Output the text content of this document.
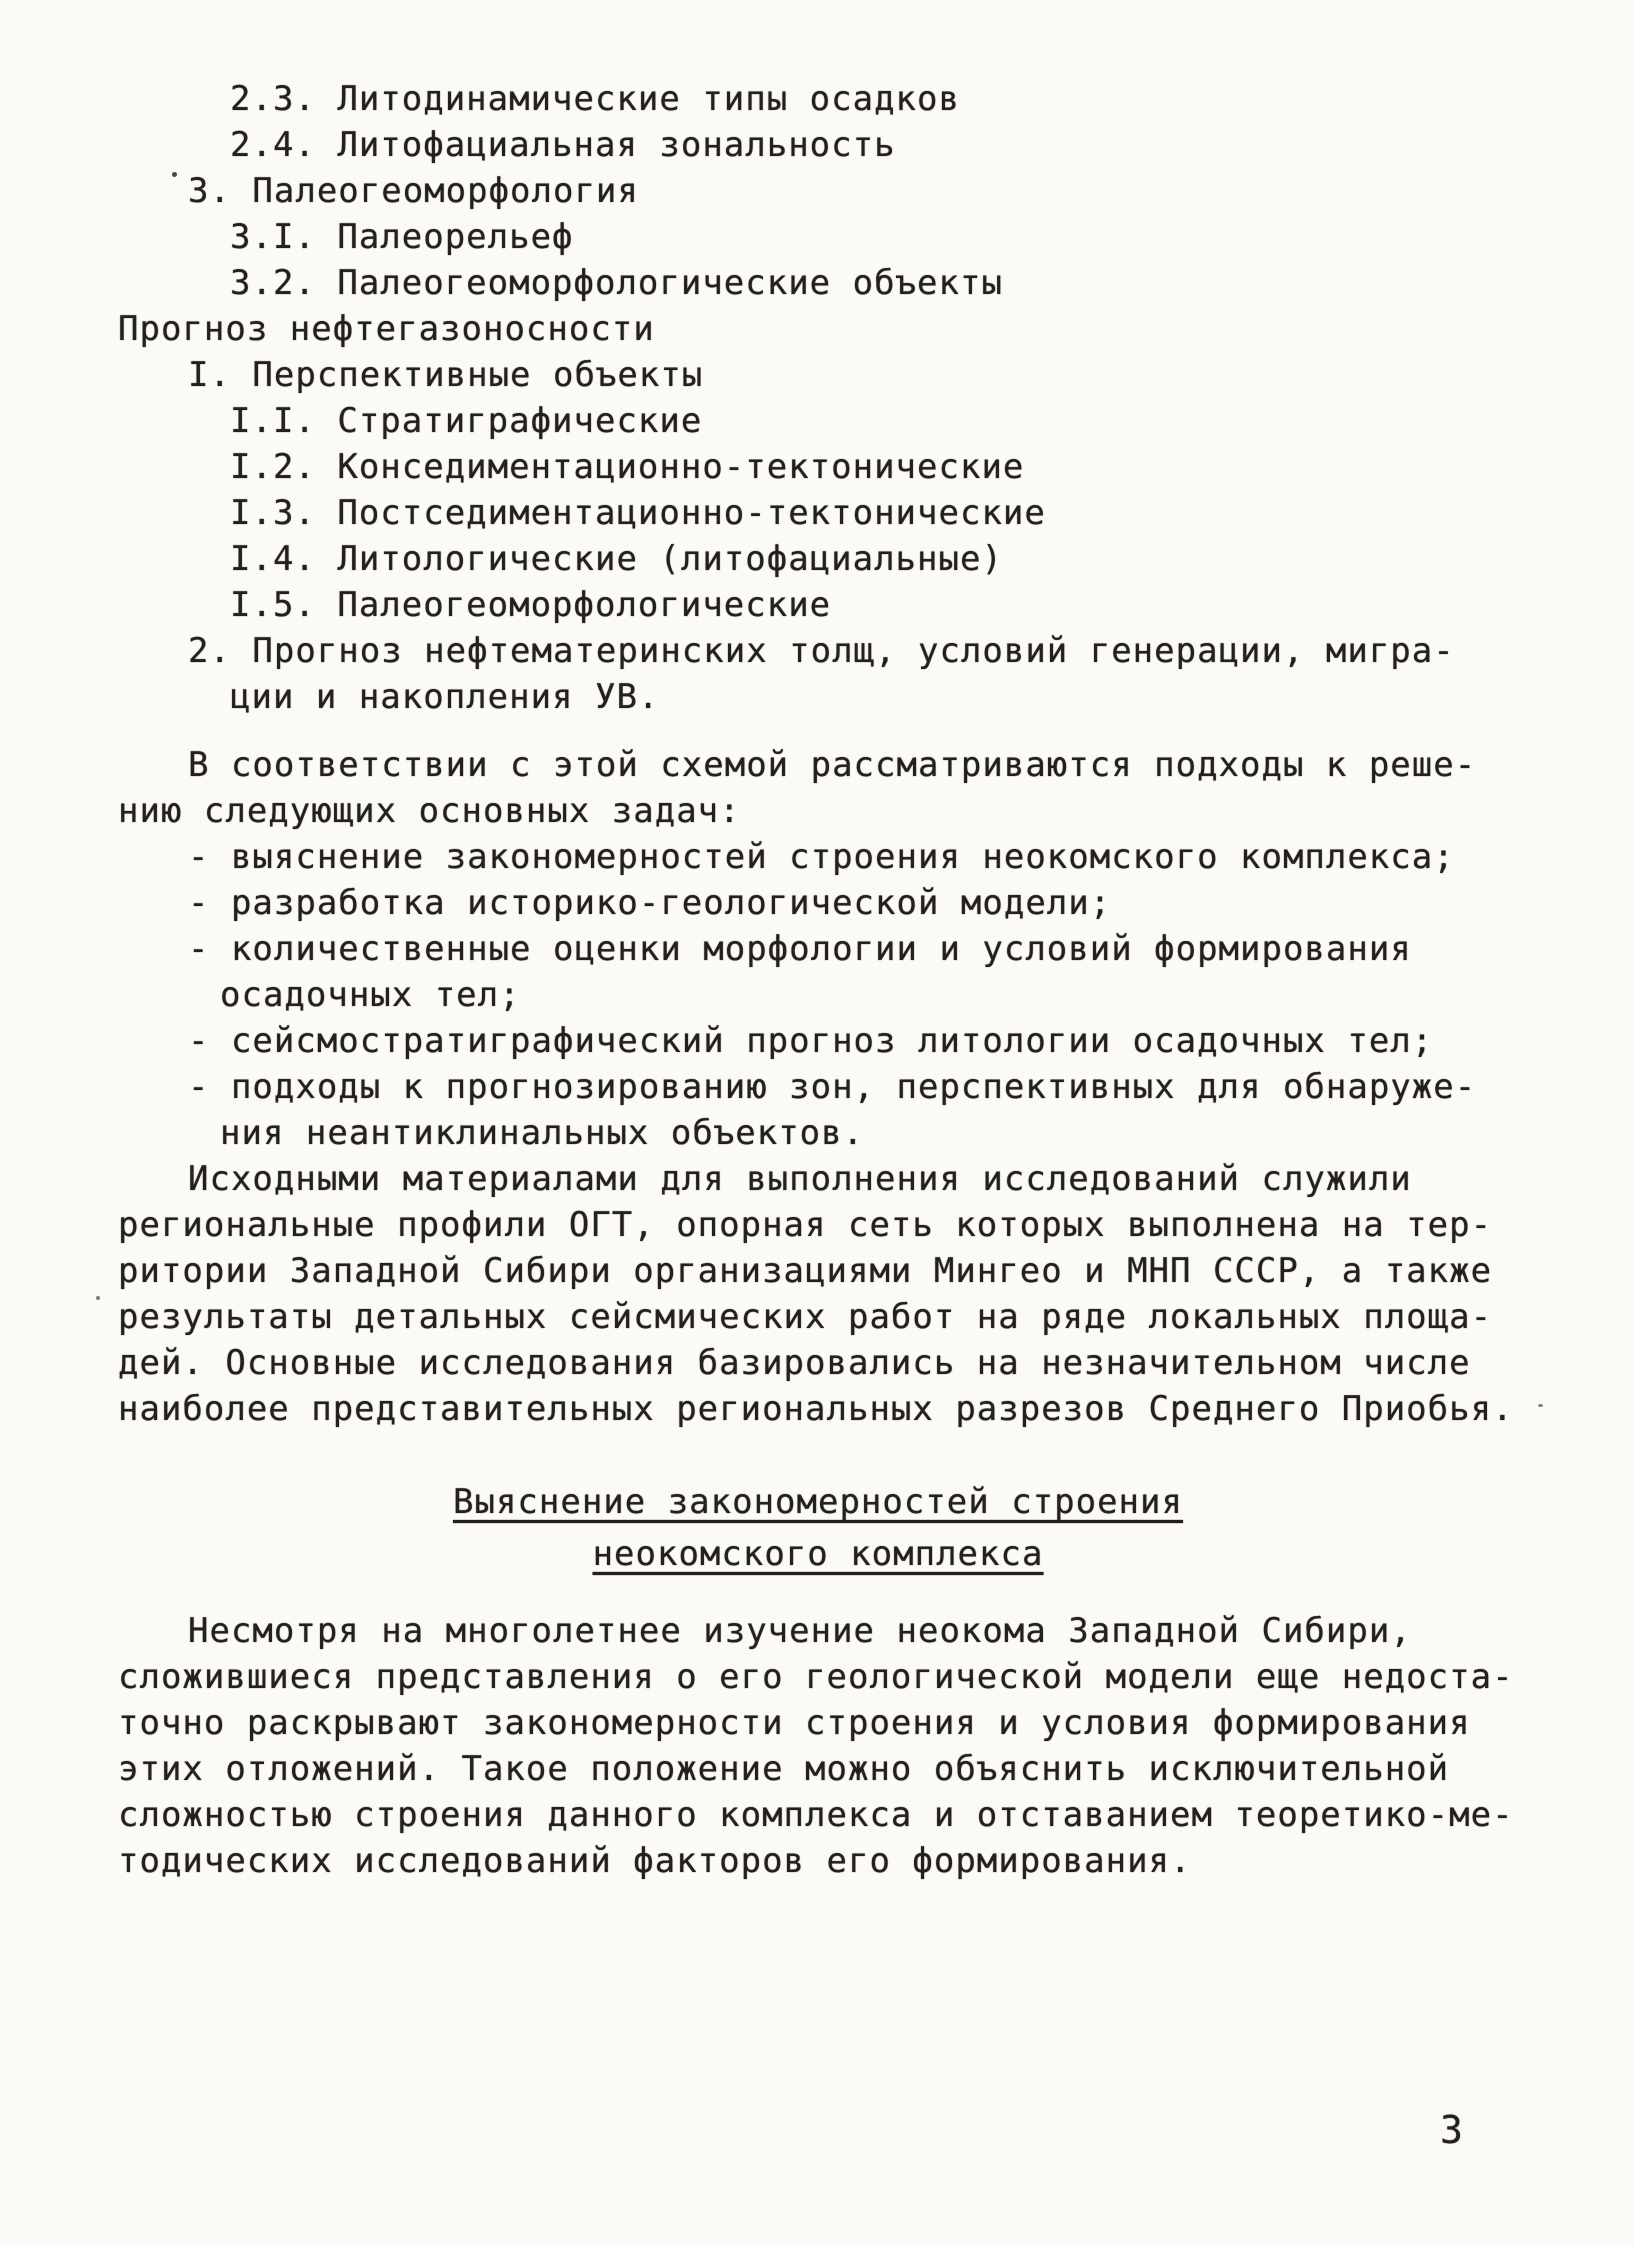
2.3. Литодинамические типы осадков
2.4. Литофациальная зональность
3. Палеогеоморфология
3.I. Палеорельеф
3.2. Палеогеоморфологические объекты
Прогноз нефтегазоносности
I. Перспективные объекты
I.I. Стратиграфические
I.2. Конседиментационно-тектонические
I.3. Постседиментационно-тектонические
I.4. Литологические (литофациальные)
I.5. Палеогеоморфологические
2. Прогноз нефтематеринских толщ, условий генерации, мигра-
ции и накопления УВ.
В соответствии с этой схемой рассматриваются подходы к реше-
нию следующих основных задач:
- выяснение закономерностей строения неокомского комплекса;
- разработка историко-геологической модели;
- количественные оценки морфологии и условий формирования
осадочных тел;
- сейсмостратиграфический прогноз литологии осадочных тел;
- подходы к прогнозированию зон, перспективных для обнаруже-
ния неантиклинальных объектов.
Исходными материалами для выполнения исследований служили
региональные профили ОГТ, опорная сеть которых выполнена на тер-
ритории Западной Сибири организациями Мингео и МНП СССР, а также
результаты детальных сейсмических работ на ряде локальных площа-
дей. Основные исследования базировались на незначительном числе
наиболее представительных региональных разрезов Среднего Приобья.
Выяснение закономерностей строения
неокомского комплекса
Несмотря на многолетнее изучение неокома Западной Сибири,
сложившиеся представления о его геологической модели еще недоста-
точно раскрывают закономерности строения и условия формирования
этих отложений. Такое положение можно объяснить исключительной
сложностью строения данного комплекса и отставанием теоретико-ме-
тодических исследований факторов его формирования.
3
